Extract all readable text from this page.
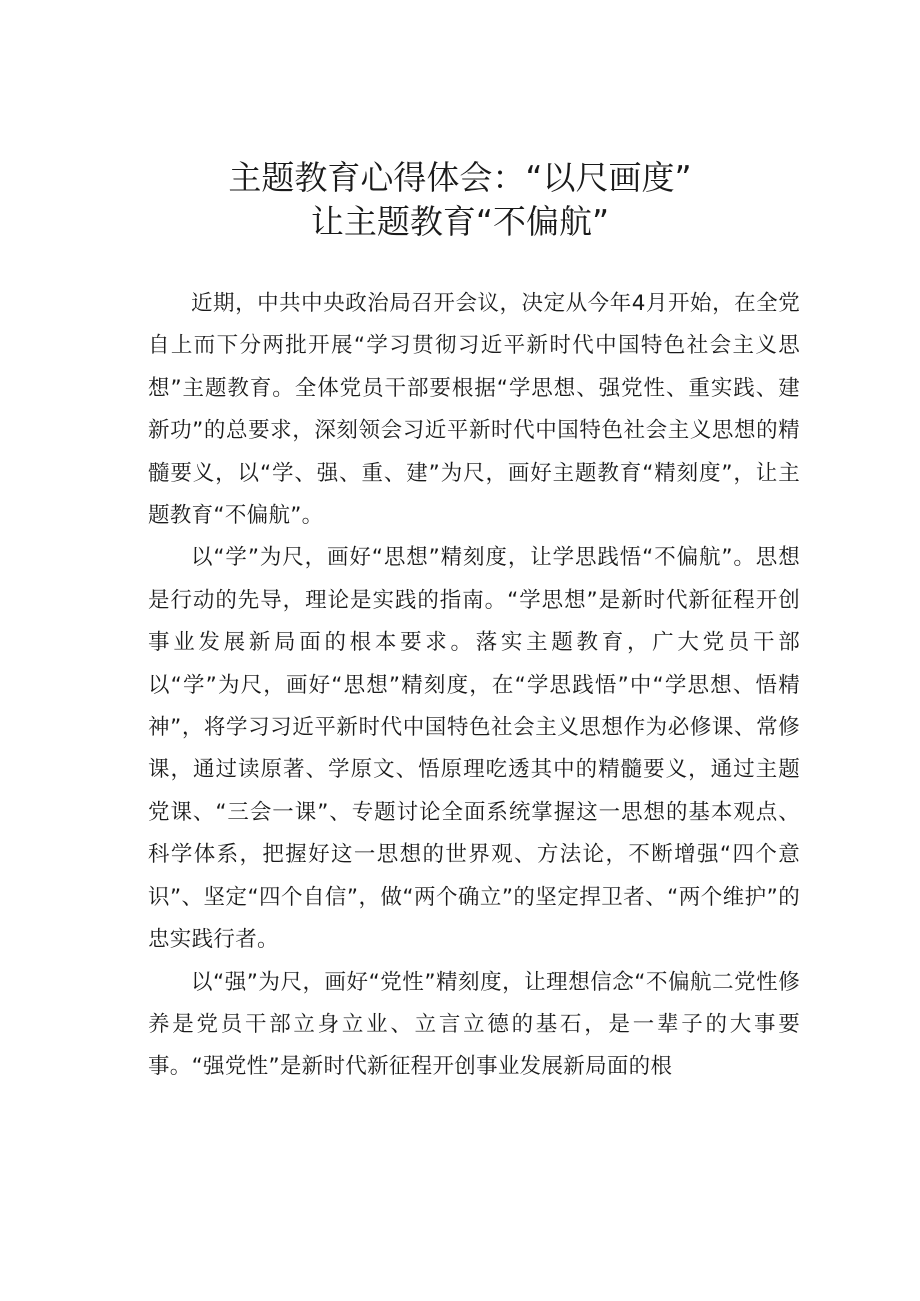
主题教育心得体会：“以尺画度”
让主题教育“不偏航”

近期，中共中央政治局召开会议，决定从今年4月开始，在全党自上而下分两批开展“学习贯彻习近平新时代中国特色社会主义思想”主题教育。全体党员干部要根据“学思想、强党性、重实践、建新功”的总要求，深刻领会习近平新时代中国特色社会主义思想的精髓要义，以“学、强、重、建”为尺，画好主题教育“精刻度”，让主题教育“不偏航”。

以“学”为尺，画好“思想”精刻度，让学思践悟“不偏航”。思想是行动的先导，理论是实践的指南。“学思想”是新时代新征程开创事业发展新局面的根本要求。落实主题教育，广大党员干部以“学”为尺，画好“思想”精刻度，在“学思践悟”中“学思想、悟精神”，将学习习近平新时代中国特色社会主义思想作为必修课、常修课，通过读原著、学原文、悟原理吃透其中的精髓要义，通过主题党课、“三会一课”、专题讨论全面系统掌握这一思想的基本观点、科学体系，把握好这一思想的世界观、方法论，不断增强“四个意识”、坚定“四个自信”，做“两个确立”的坚定捍卫者、“两个维护”的忠实践行者。

以“强”为尺，画好“党性”精刻度，让理想信念“不偏航二党性修养是党员干部立身立业、立言立德的基石，是一辈子的大事要事。“强党性”是新时代新征程开创事业发展新局面的根
